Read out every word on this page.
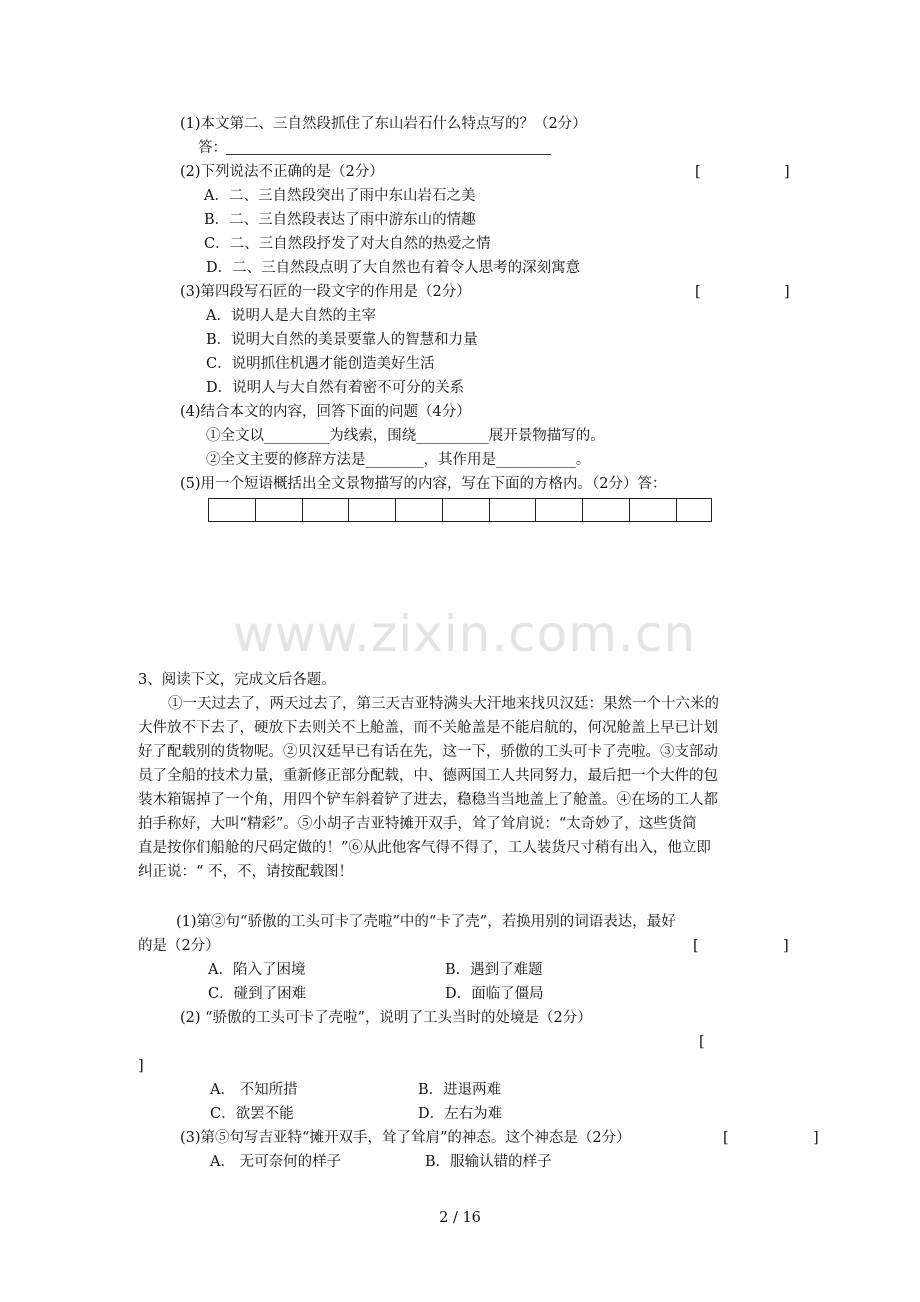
www.zixin.com.cn
(1)本文第二、三自然段抓住了东山岩石什么特点写的？（2分）
答：
(2)下列说法不正确的是（2分）	[	]
A．二、三自然段突出了雨中东山岩石之美
B．二、三自然段表达了雨中游东山的情趣
C．二、三自然段抒发了对大自然的热爱之情
D．二、三自然段点明了大自然也有着令人思考的深刻寓意
(3)第四段写石匠的一段文字的作用是（2分）	[	]
A．说明人是大自然的主宰
B．说明大自然的美景要靠人的智慧和力量
C．说明抓住机遇才能创造美好生活
D．说明人与大自然有着密不可分的关系
(4)结合本文的内容，回答下面的问题（4分）
①全文以_________为线索，围绕__________展开景物描写的。
②全文主要的修辞方法是________，其作用是___________。
(5)用一个短语概括出全文景物描写的内容，写在下面的方格内。（2分）答：
3、阅读下文，完成文后各题。
①一天过去了，两天过去了，第三天吉亚特满头大汗地来找贝汉廷：果然一个十六米的
大件放不下去了，硬放下去则关不上舱盖，而不关舱盖是不能启航的，何况舱盖上早已计划
好了配载别的货物呢。②贝汉廷早已有话在先，这一下，骄傲的工头可卡了壳啦。③支部动
员了全船的技术力量，重新修正部分配载，中、德两国工人共同努力，最后把一个大件的包
装木箱锯掉了一个角，用四个铲车斜着铲了进去，稳稳当当地盖上了舱盖。④在场的工人都
拍手称好，大叫“精彩”。⑤小胡子吉亚特摊开双手，耸了耸肩说：“太奇妙了，这些货简
直是按你们船舱的尺码定做的！”⑥从此他客气得不得了，工人装货尺寸稍有出入，他立即
纠正说：“ 不，不，请按配载图！
(1)第②句“骄傲的工头可卡了壳啦”中的“卡了壳”，若换用别的词语表达，最好
的是（2分）	[	]
A．陷入了困境	B．遇到了难题
C．碰到了困难	D．面临了僵局
(2) “骄傲的工头可卡了壳啦”，说明了工头当时的处境是（2分）
[
]
A． 不知所措	B．进退两难
C．欲罢不能	D．左右为难
(3)第⑤句写吉亚特“摊开双手，耸了耸肩”的神态。这个神态是（2分）	[	]
A． 无可奈何的样子	B．服输认错的样子
2 / 16
